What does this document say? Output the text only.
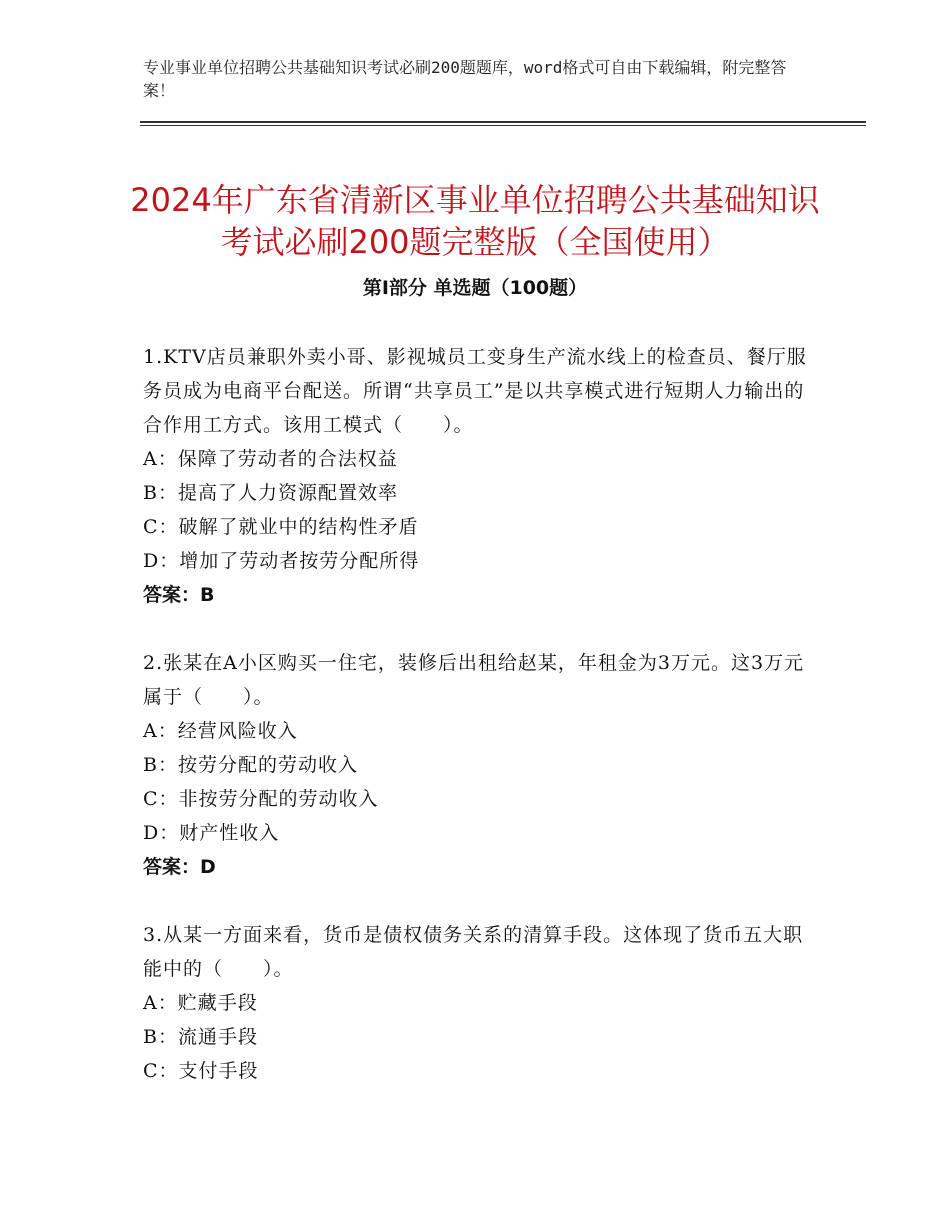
专业事业单位招聘公共基础知识考试必刷200题题库，word格式可自由下载编辑，附完整答案！
2024年广东省清新区事业单位招聘公共基础知识考试必刷200题完整版（全国使用）
第Ⅰ部分 单选题（100题）
1.KTV店员兼职外卖小哥、影视城员工变身生产流水线上的检查员、餐厅服务员成为电商平台配送。所谓“共享员工”是以共享模式进行短期人力输出的合作用工方式。该用工模式（　　）。
A：保障了劳动者的合法权益
B：提高了人力资源配置效率
C：破解了就业中的结构性矛盾
D：增加了劳动者按劳分配所得
答案：B
2.张某在A小区购买一住宅，装修后出租给赵某，年租金为3万元。这3万元属于（　　）。
A：经营风险收入
B：按劳分配的劳动收入
C：非按劳分配的劳动收入
D：财产性收入
答案：D
3.从某一方面来看，货币是债权债务关系的清算手段。这体现了货币五大职能中的（　　）。
A：贮藏手段
B：流通手段
C：支付手段
